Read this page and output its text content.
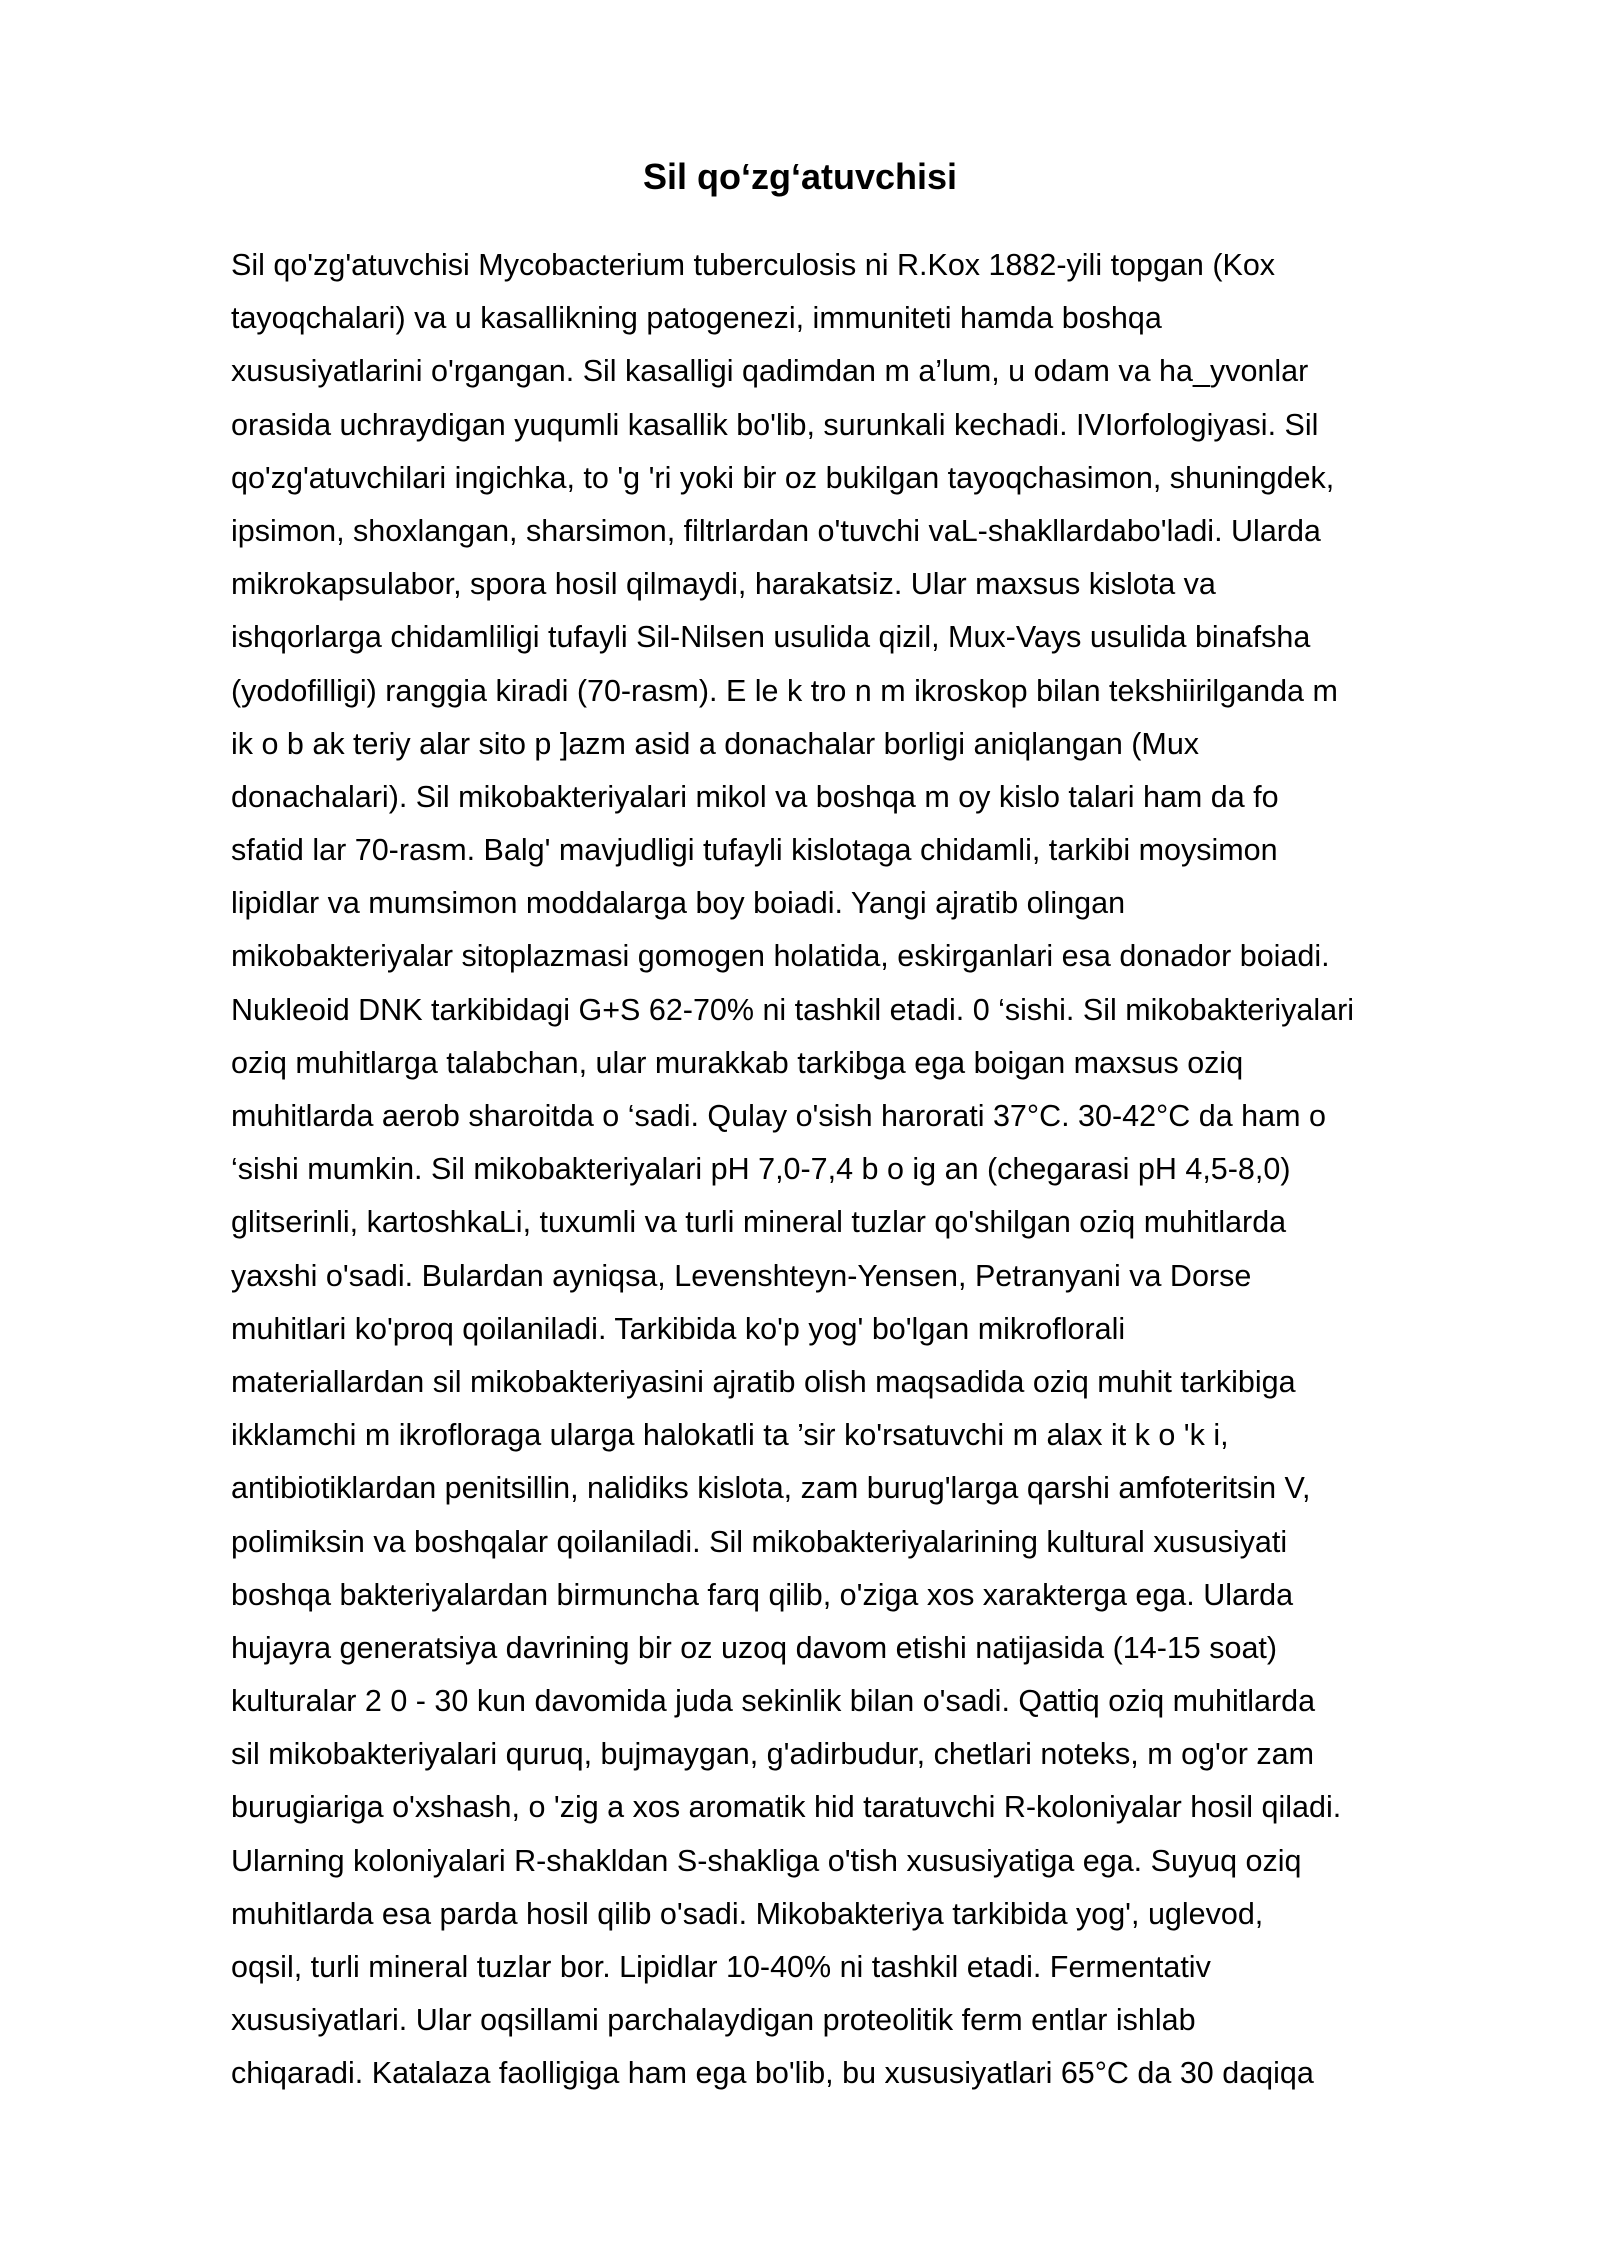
Sil qo‘zg‘atuvchisi
Sil qo'zg'atuvchisi Mycobacterium tuberculosis ni R.Kox 1882-yili topgan (Kox
tayoqchalari) va u kasallikning patogenezi, immuniteti hamda boshqa
xususiyatlarini o'rgangan. Sil kasalligi qadimdan m a’lum, u odam va ha_yvonlar
orasida uchraydigan yuqumli kasallik bo'lib, surunkali kechadi. IVIorfologiyasi. Sil
qo'zg'atuvchilari ingichka, to 'g 'ri yoki bir oz bukilgan tayoqchasimon, shuningdek,
ipsimon, shoxlangan, sharsimon, filtrlardan o'tuvchi vaL-shakllardabo'ladi. Ularda
mikrokapsulabor, spora hosil qilmaydi, harakatsiz. Ular maxsus kislota va
ishqorlarga chidamliligi tufayli Sil-Nilsen usulida qizil, Mux-Vays usulida binafsha
(yodofilligi) ranggia kiradi (70-rasm). E le k tro n m ikroskop bilan tekshiirilganda m
ik o b ak teriy alar sito p ]azm asid a donachalar borligi aniqlangan (Mux
donachalari). Sil mikobakteriyalari mikol va boshqa m oy kislo talari ham da fo
sfatid lar 70-rasm. Balg' mavjudligi tufayli kislotaga chidamli, tarkibi moysimon
lipidlar va mumsimon moddalarga boy boiadi. Yangi ajratib olingan
mikobakteriyalar sitoplazmasi gomogen holatida, eskirganlari esa donador boiadi.
Nukleoid DNK tarkibidagi G+S 62-70% ni tashkil etadi. 0 ‘sishi. Sil mikobakteriyalari
oziq muhitlarga talabchan, ular murakkab tarkibga ega boigan maxsus oziq
muhitlarda aerob sharoitda o ‘sadi. Qulay o'sish harorati 37°C. 30-42°C da ham o
‘sishi mumkin. Sil mikobakteriyalari pH 7,0-7,4 b o ig an (chegarasi pH 4,5-8,0)
glitserinli, kartoshkaLi, tuxumli va turli mineral tuzlar qo'shilgan oziq muhitlarda
yaxshi o'sadi. Bulardan ayniqsa, Levenshteyn-Yensen, Petranyani va Dorse
muhitlari ko'proq qoilaniladi. Tarkibida ko'p yog' bo'lgan mikroflorali
materiallardan sil mikobakteriyasini ajratib olish maqsadida oziq muhit tarkibiga
ikklamchi m ikrofloraga ularga halokatli ta ’sir ko'rsatuvchi m alax it k o 'k i,
antibiotiklardan penitsillin, nalidiks kislota, zam burug'larga qarshi amfoteritsin V,
polimiksin va boshqalar qoilaniladi. Sil mikobakteriyalarining kultural xususiyati
boshqa bakteriyalardan birmuncha farq qilib, o'ziga xos xarakterga ega. Ularda
hujayra generatsiya davrining bir oz uzoq davom etishi natijasida (14-15 soat)
kulturalar 2 0 - 30 kun davomida juda sekinlik bilan o'sadi. Qattiq oziq muhitlarda
sil mikobakteriyalari quruq, bujmaygan, g'adirbudur, chetlari noteks, m og'or zam
burugiariga o'xshash, o 'zig a xos aromatik hid taratuvchi R-koloniyalar hosil qiladi.
Ularning koloniyalari R-shakldan S-shakliga o'tish xususiyatiga ega. Suyuq oziq
muhitlarda esa parda hosil qilib o'sadi. Mikobakteriya tarkibida yog', uglevod,
oqsil, turli mineral tuzlar bor. Lipidlar 10-40% ni tashkil etadi. Fermentativ
xususiyatlari. Ular oqsillami parchalaydigan proteolitik ferm entlar ishlab
chiqaradi. Katalaza faolligiga ham ega bo'lib, bu xususiyatlari 65°C da 30 daqiqa
